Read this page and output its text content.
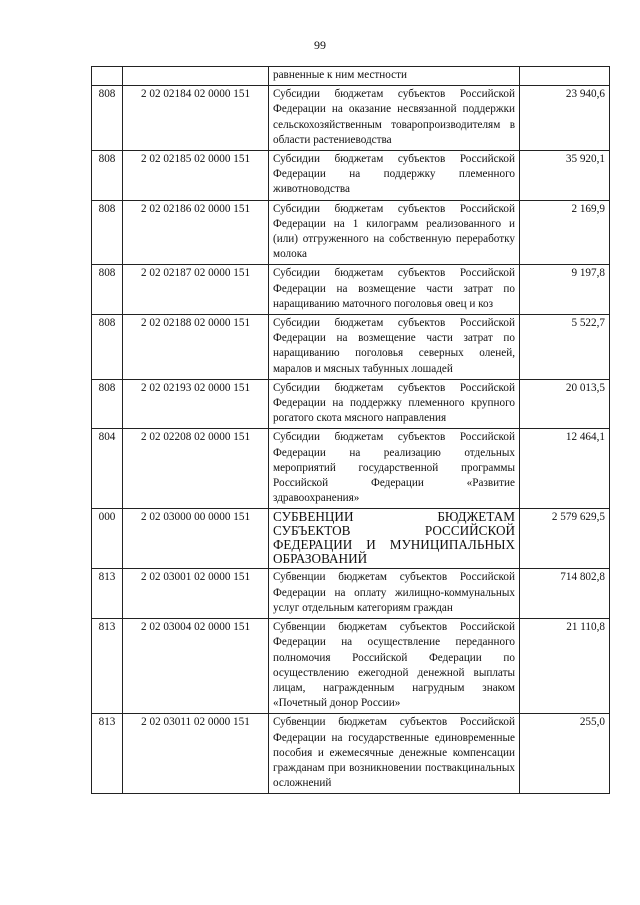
99
		равненные к ним местности	
808	2 02 02184 02 0000 151	Субсидии бюджетам субъектов Российской Федерации на оказание несвязанной поддержки сельскохозяйственным товаропроизводителям в области растениеводства	23 940,6
808	2 02 02185 02 0000 151	Субсидии бюджетам субъектов Российской Федерации на поддержку племенного животноводства	35 920,1
808	2 02 02186 02 0000 151	Субсидии бюджетам субъектов Российской Федерации на 1 килограмм реализованного и (или) отгруженного на собственную переработку молока	2 169,9
808	2 02 02187 02 0000 151	Субсидии бюджетам субъектов Российской Федерации на возмещение части затрат по наращиванию маточного поголовья овец и коз	9 197,8
808	2 02 02188 02 0000 151	Субсидии бюджетам субъектов Российской Федерации на возмещение части затрат по наращиванию поголовья северных оленей, маралов и мясных табунных лошадей	5 522,7
808	2 02 02193 02 0000 151	Субсидии бюджетам субъектов Российской Федерации на поддержку племенного крупного рогатого скота мясного направления	20 013,5
804	2 02 02208 02 0000 151	Субсидии бюджетам субъектов Российской Федерации на реализацию отдельных мероприятий государственной программы Российской Федерации «Развитие здравоохранения»	12 464,1
000	2 02 03000 00 0000 151	СУБВЕНЦИИ БЮДЖЕТАМ СУБЪЕКТОВ РОССИЙСКОЙ ФЕДЕРАЦИИ И МУНИЦИПАЛЬНЫХ ОБРАЗОВАНИЙ	2 579 629,5
813	2 02 03001 02 0000 151	Субвенции бюджетам субъектов Российской Федерации на оплату жилищно-коммунальных услуг отдельным категориям граждан	714 802,8
813	2 02 03004 02 0000 151	Субвенции бюджетам субъектов Российской Федерации на осуществление переданного полномочия Российской Федерации по осуществлению ежегодной денежной выплаты лицам, награжденным нагрудным знаком «Почетный донор России»	21 110,8
813	2 02 03011 02 0000 151	Субвенции бюджетам субъектов Российской Федерации на государственные единовременные пособия и ежемесячные денежные компенсации гражданам при возникновении поствакцинальных осложнений	255,0
